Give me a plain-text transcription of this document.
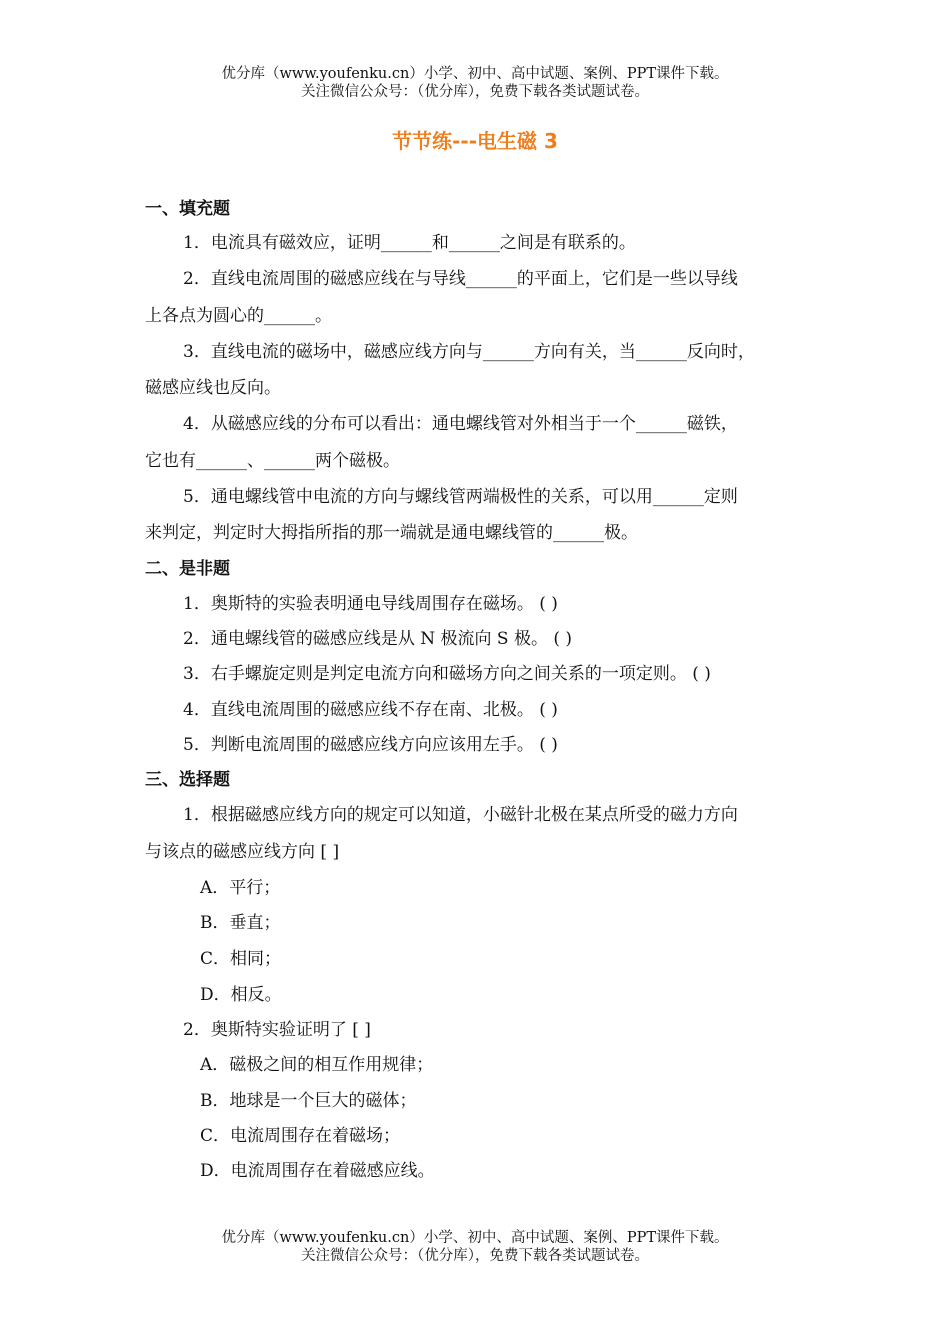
优分库（www.youfenku.cn）小学、初中、高中试题、案例、PPT课件下载。
关注微信公众号：（优分库），免费下载各类试题试卷。
节节练---电生磁 3
一、填充题
1．电流具有磁效应，证明______和______之间是有联系的。
2．直线电流周围的磁感应线在与导线______的平面上，它们是一些以导线
上各点为圆心的______。
3．直线电流的磁场中，磁感应线方向与______方向有关，当______反向时，
磁感应线也反向。
4．从磁感应线的分布可以看出：通电螺线管对外相当于一个______磁铁，
它也有______、______两个磁极。
5．通电螺线管中电流的方向与螺线管两端极性的关系，可以用______定则
来判定，判定时大拇指所指的那一端就是通电螺线管的______极。
二、是非题
1．奥斯特的实验表明通电导线周围存在磁场。 ( )
2．通电螺线管的磁感应线是从 N 极流向 S 极。 ( )
3．右手螺旋定则是判定电流方向和磁场方向之间关系的一项定则。 ( )
4．直线电流周围的磁感应线不存在南、北极。 ( )
5．判断电流周围的磁感应线方向应该用左手。 ( )
三、选择题
1．根据磁感应线方向的规定可以知道，小磁针北极在某点所受的磁力方向
与该点的磁感应线方向 [ ]
A．平行；
B．垂直；
C．相同；
D．相反。
2．奥斯特实验证明了 [ ]
A．磁极之间的相互作用规律；
B．地球是一个巨大的磁体；
C．电流周围存在着磁场；
D．电流周围存在着磁感应线。
优分库（www.youfenku.cn）小学、初中、高中试题、案例、PPT课件下载。
关注微信公众号：（优分库），免费下载各类试题试卷。
